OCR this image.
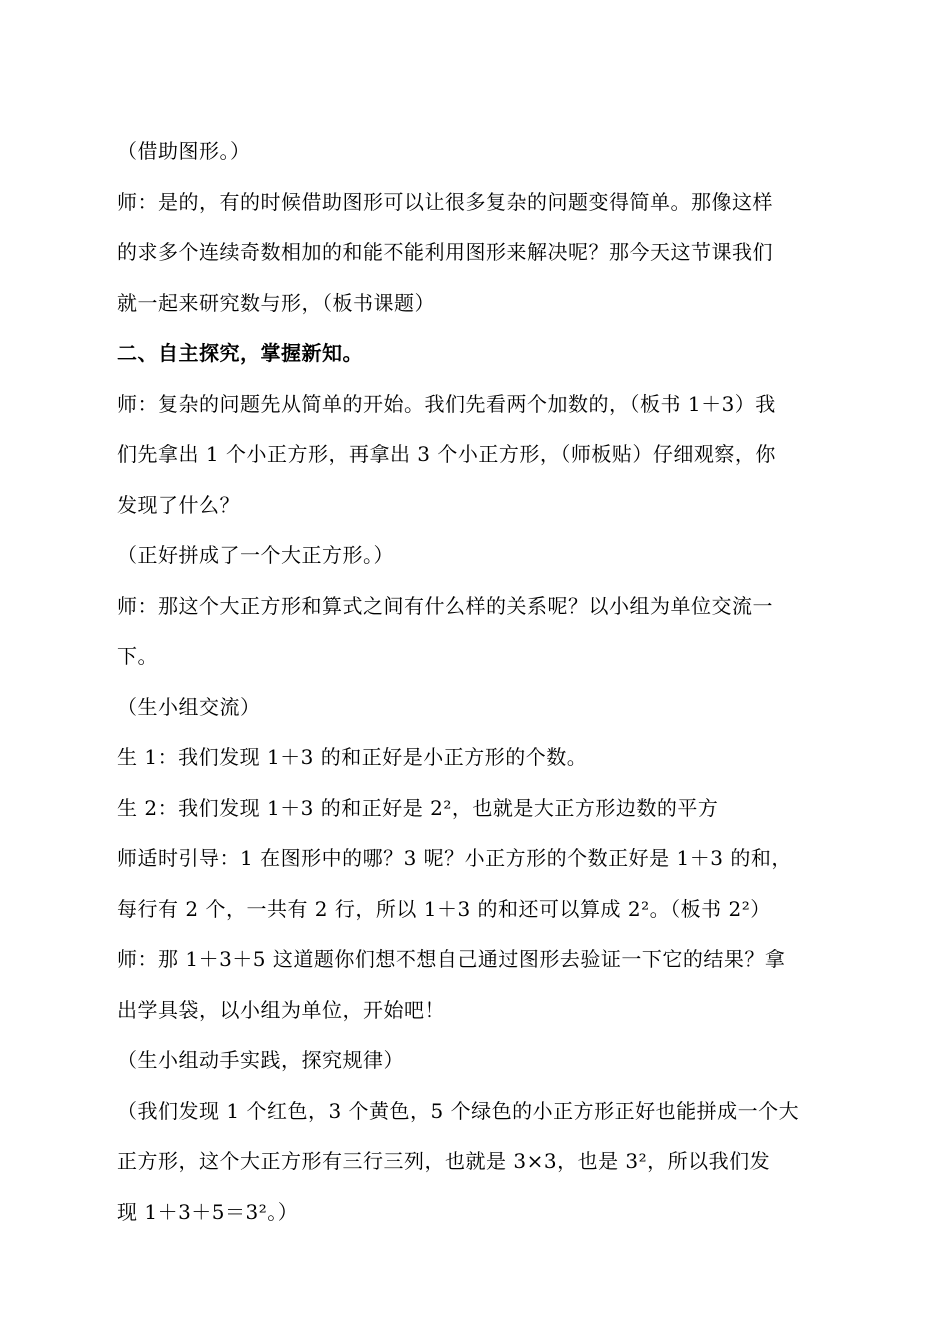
（借助图形。）
师：是的，有的时候借助图形可以让很多复杂的问题变得简单。那像这样
的求多个连续奇数相加的和能不能利用图形来解决呢？那今天这节课我们
就一起来研究数与形，（板书课题）
二、自主探究，掌握新知。
师：复杂的问题先从简单的开始。我们先看两个加数的，（板书 1＋3）我
们先拿出 1 个小正方形，再拿出 3 个小正方形，（师板贴）仔细观察，你
发现了什么？
（正好拼成了一个大正方形。）
师：那这个大正方形和算式之间有什么样的关系呢？以小组为单位交流一
下。
（生小组交流）
生 1：我们发现 1＋3 的和正好是小正方形的个数。
生 2：我们发现 1＋3 的和正好是 2²，也就是大正方形边数的平方
师适时引导：1 在图形中的哪？3 呢？小正方形的个数正好是 1＋3 的和，
每行有 2 个，一共有 2 行，所以 1＋3 的和还可以算成 2²。（板书 2²）
师：那 1＋3＋5 这道题你们想不想自己通过图形去验证一下它的结果？拿
出学具袋，以小组为单位，开始吧！
（生小组动手实践，探究规律）
（我们发现 1 个红色，3 个黄色，5 个绿色的小正方形正好也能拼成一个大
正方形，这个大正方形有三行三列，也就是 3×3，也是 3²，所以我们发
现 1＋3＋5＝3²。）
